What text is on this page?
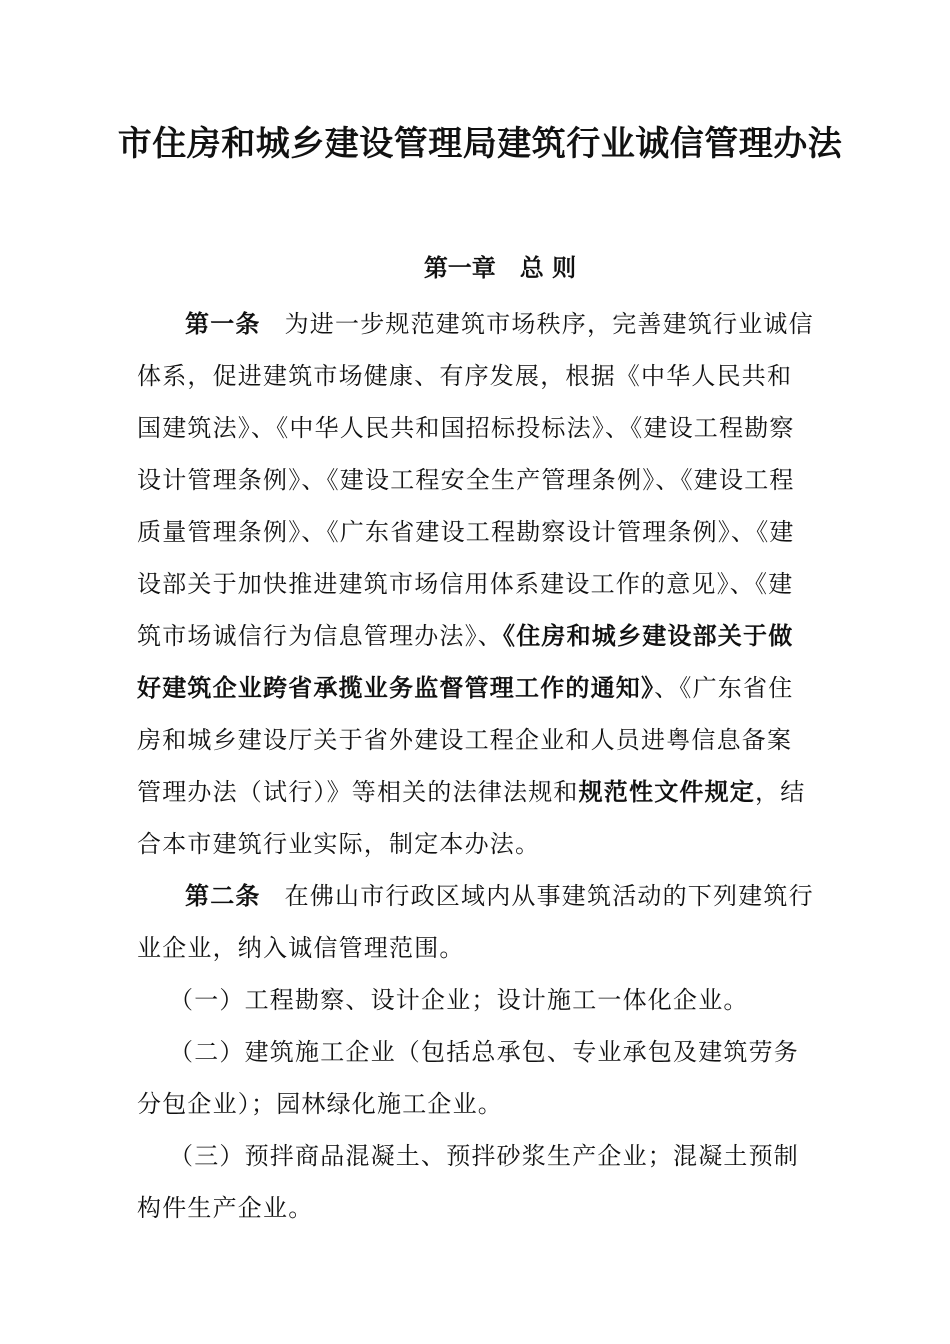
市住房和城乡建设管理局建筑行业诚信管理办法
第一章　总 则

第一条 为进一步规范建筑市场秩序，完善建筑行业诚信体系，促进建筑市场健康、有序发展，根据《中华人民共和国建筑法》、《中华人民共和国招标投标法》、《建设工程勘察设计管理条例》、《建设工程安全生产管理条例》、《建设工程质量管理条例》、《广东省建设工程勘察设计管理条例》、《建设部关于加快推进建筑市场信用体系建设工作的意见》、《建筑市场诚信行为信息管理办法》、《住房和城乡建设部关于做好建筑企业跨省承揽业务监督管理工作的通知》、《广东省住房和城乡建设厅关于省外建设工程企业和人员进粤信息备案管理办法（试行）》等相关的法律法规和规范性文件规定，结合本市建筑行业实际，制定本办法。

第二条 在佛山市行政区域内从事建筑活动的下列建筑行业企业，纳入诚信管理范围。

（一）工程勘察、设计企业；设计施工一体化企业。

（二）建筑施工企业（包括总承包、专业承包及建筑劳务分包企业）；园林绿化施工企业。

（三）预拌商品混凝土、预拌砂浆生产企业；混凝土预制构件生产企业。
